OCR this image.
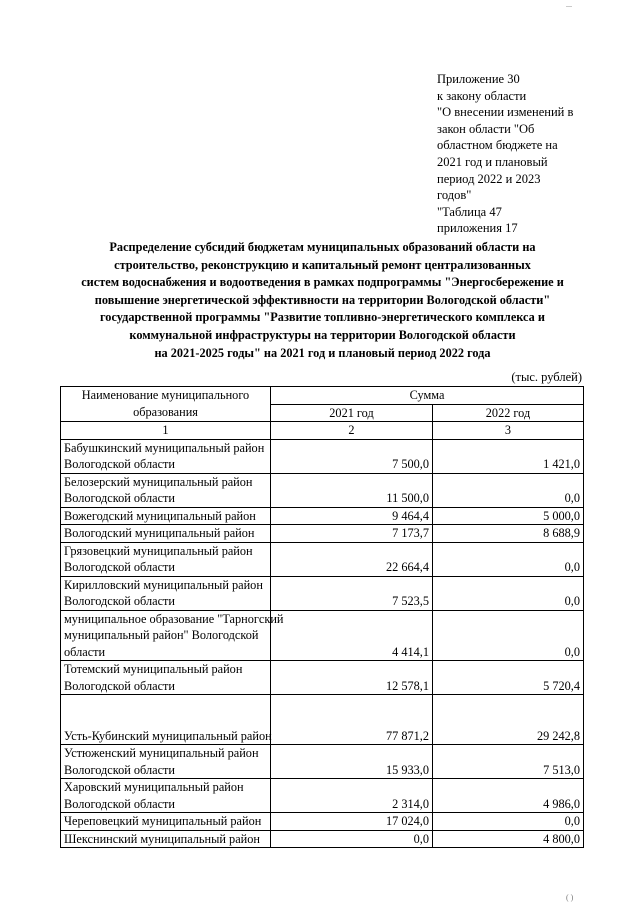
...
Приложение 30
к закону области
"О внесении изменений в
закон области "Об
областном бюджете на
2021 год и плановый
период 2022 и 2023
годов"
"Таблица 47
приложения 17
Распределение субсидий бюджетам муниципальных образований области на
строительство, реконструкцию и капитальный ремонт централизованных
систем водоснабжения и водоотведения в рамках подпрограммы "Энергосбережение и
повышение энергетической эффективности на территории Вологодской области"
государственной программы "Развитие топливно-энергетического комплекса и
коммунальной инфраструктуры на территории Вологодской области
на 2021-2025 годы" на 2021 год и плановый период 2022 года
(тыс. рублей)
Наименование муниципального
образования	Сумма	
	2021 год	2022 год
1	2	3

Бабушкинский муниципальный район
Вологодской области	7 500,0	1 421,0

Белозерский муниципальный район
Вологодской области	11 500,0	0,0

Вожегодский муниципальный район	9 464,4	5 000,0

Вологодский муниципальный район	7 173,7	8 688,9

Грязовецкий муниципальный район
Вологодской области	22 664,4	0,0

Кирилловский муниципальный район
Вологодской области	7 523,5	0,0

муниципальное образование "Тарногский
муниципальный район" Вологодской
области	4 414,1	0,0

Тотемский муниципальный район
Вологодской области	12 578,1	5 720,4

Усть-Кубинский муниципальный район	77 871,2	29 242,8

Устюженский муниципальный район
Вологодской области	15 933,0	7 513,0

Харовский муниципальный район
Вологодской области	2 314,0	4 986,0

Череповецкий муниципальный район	17 024,0	0,0

Шекснинский муниципальный район	0,0	4 800,0
( )
